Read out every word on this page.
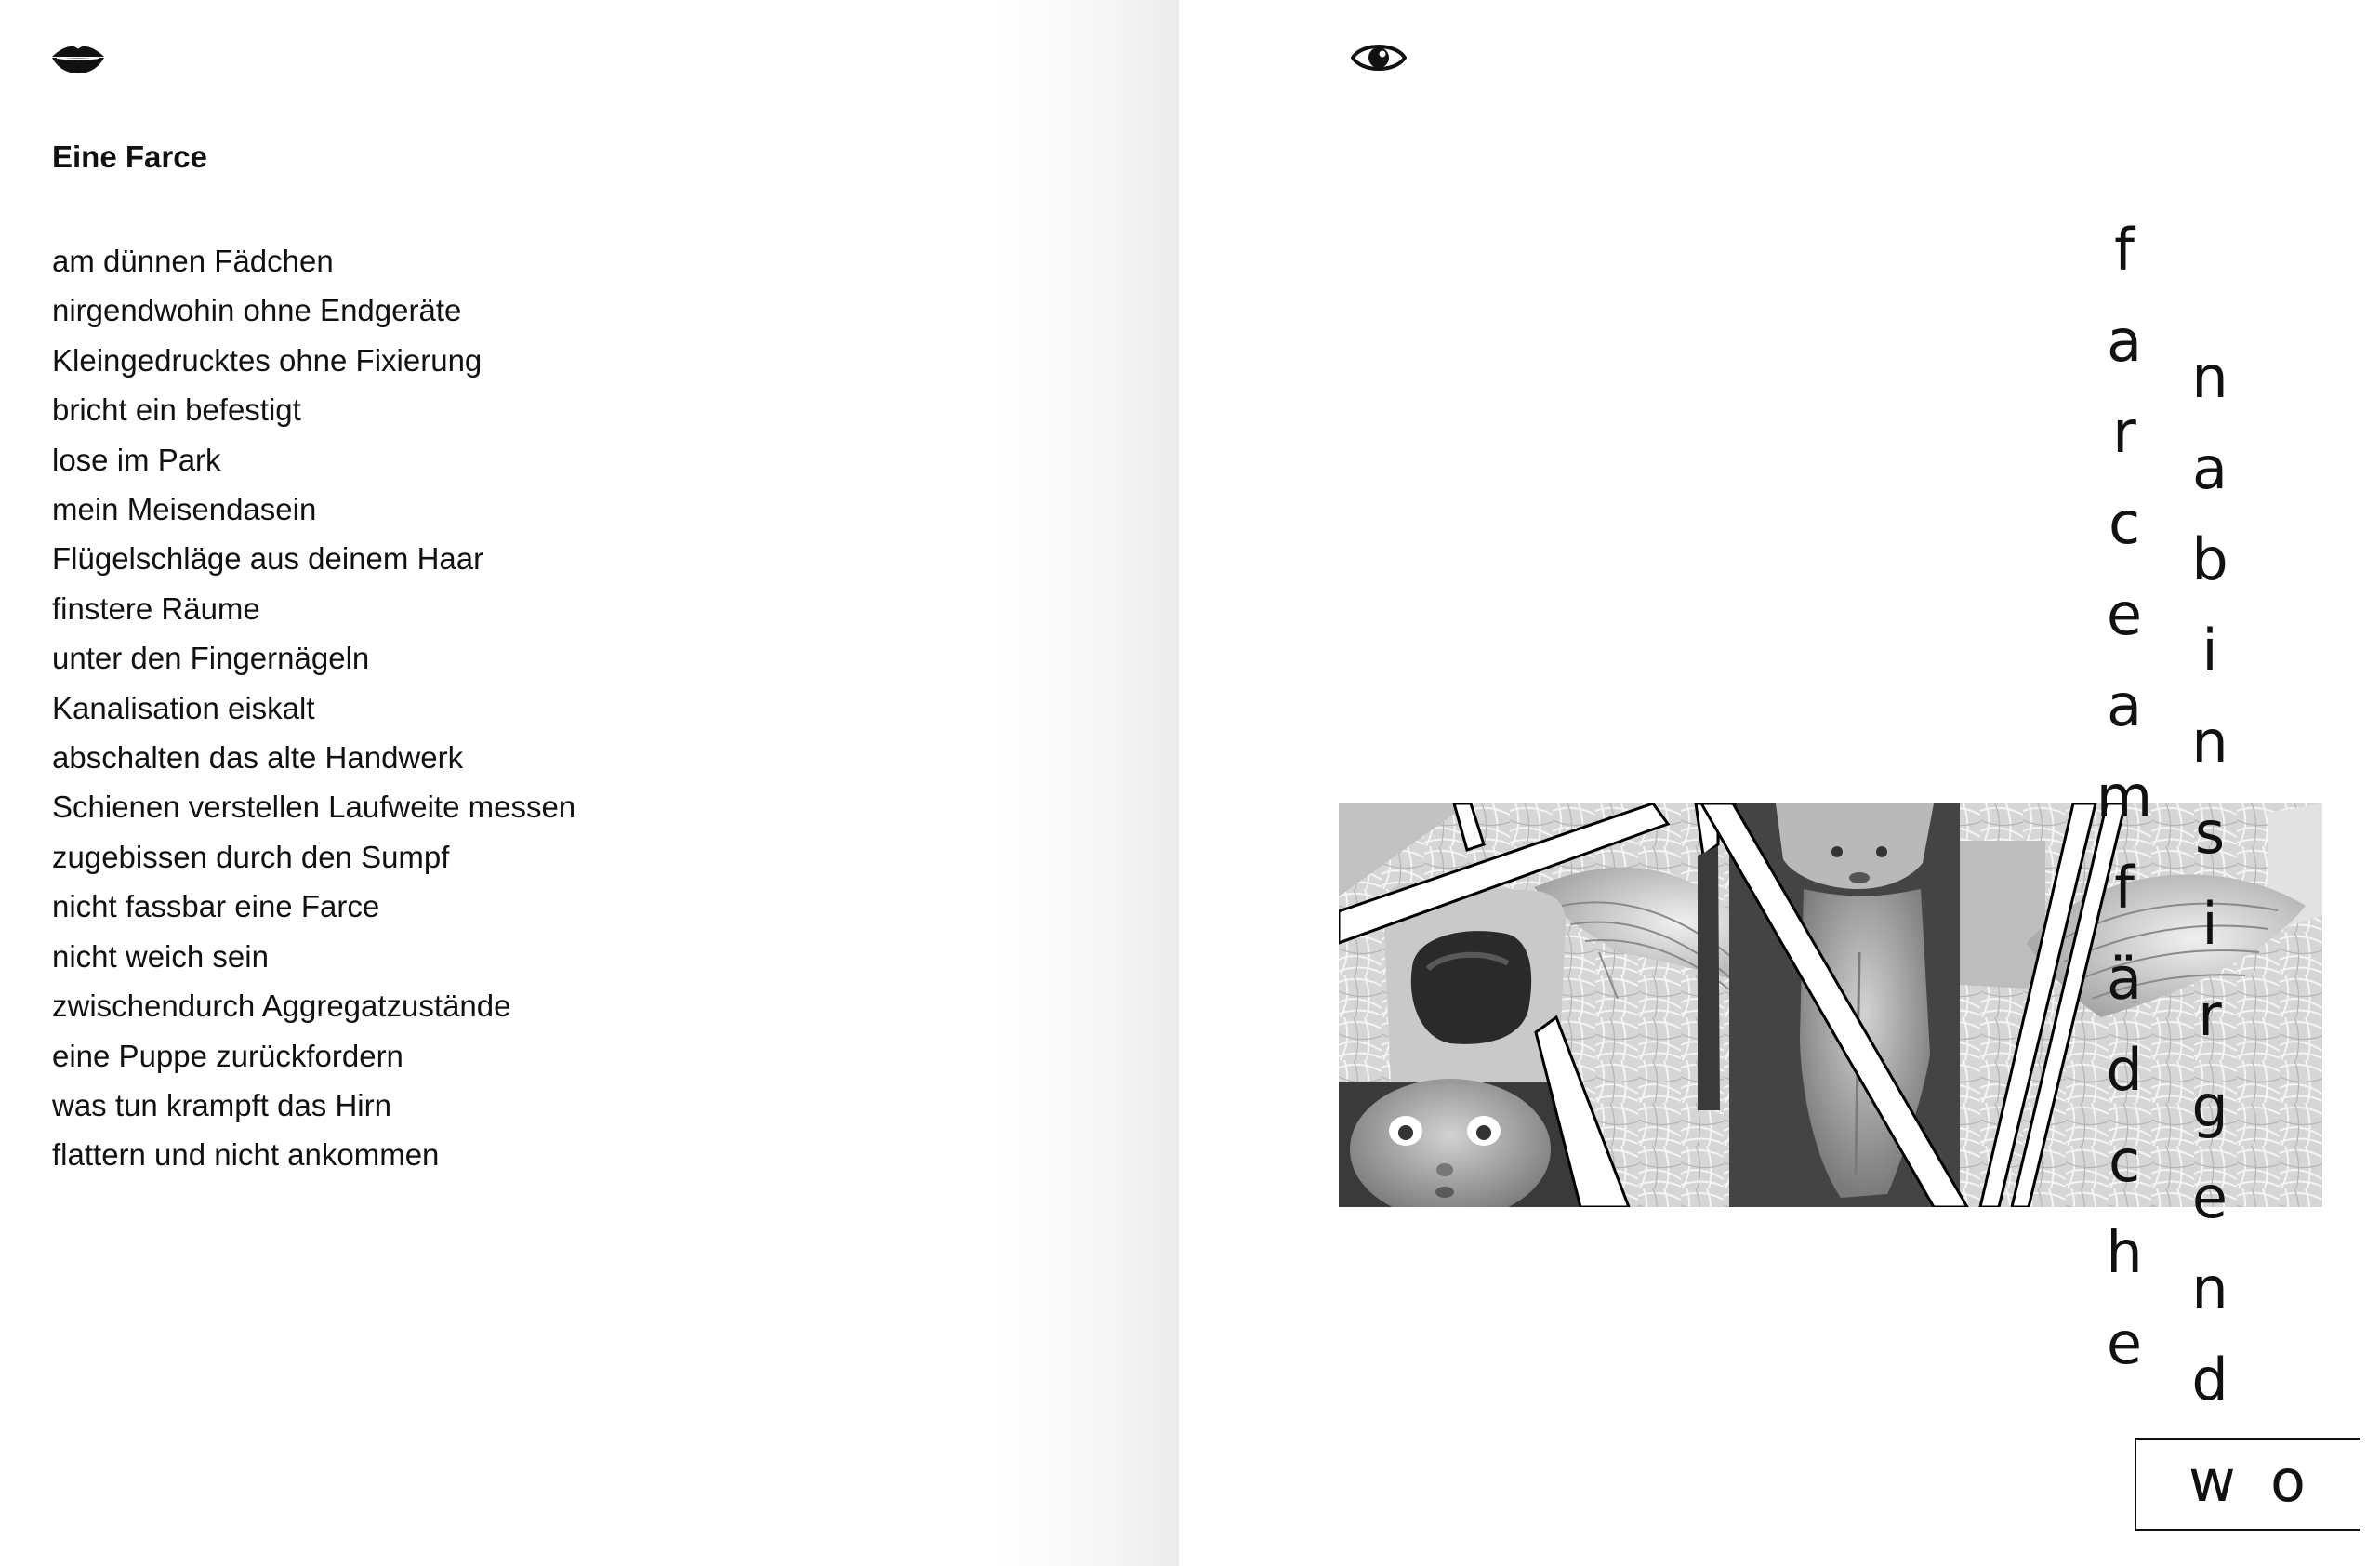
Eine Farce
am dünnen Fädchen
nirgendwohin ohne Endgeräte
Kleingedrucktes ohne Fixierung
bricht ein befestigt
lose im Park
mein Meisendasein
Flügelschläge aus deinem Haar
finstere Räume
unter den Fingernägeln
Kanalisation eiskalt
abschalten das alte Handwerk
Schienen verstellen Laufweite messen
zugebissen durch den Sumpf
nicht fassbar eine Farce
nicht weich sein
zwischendurch Aggregatzustände
eine Puppe zurückfordern
was tun krampft das Hirn
flattern und nicht ankommen
f
a
r
c
e
a
m
f
ä
d
c
h
e
n
a
b
i
n
s
i
r
g
e
n
d
w o
